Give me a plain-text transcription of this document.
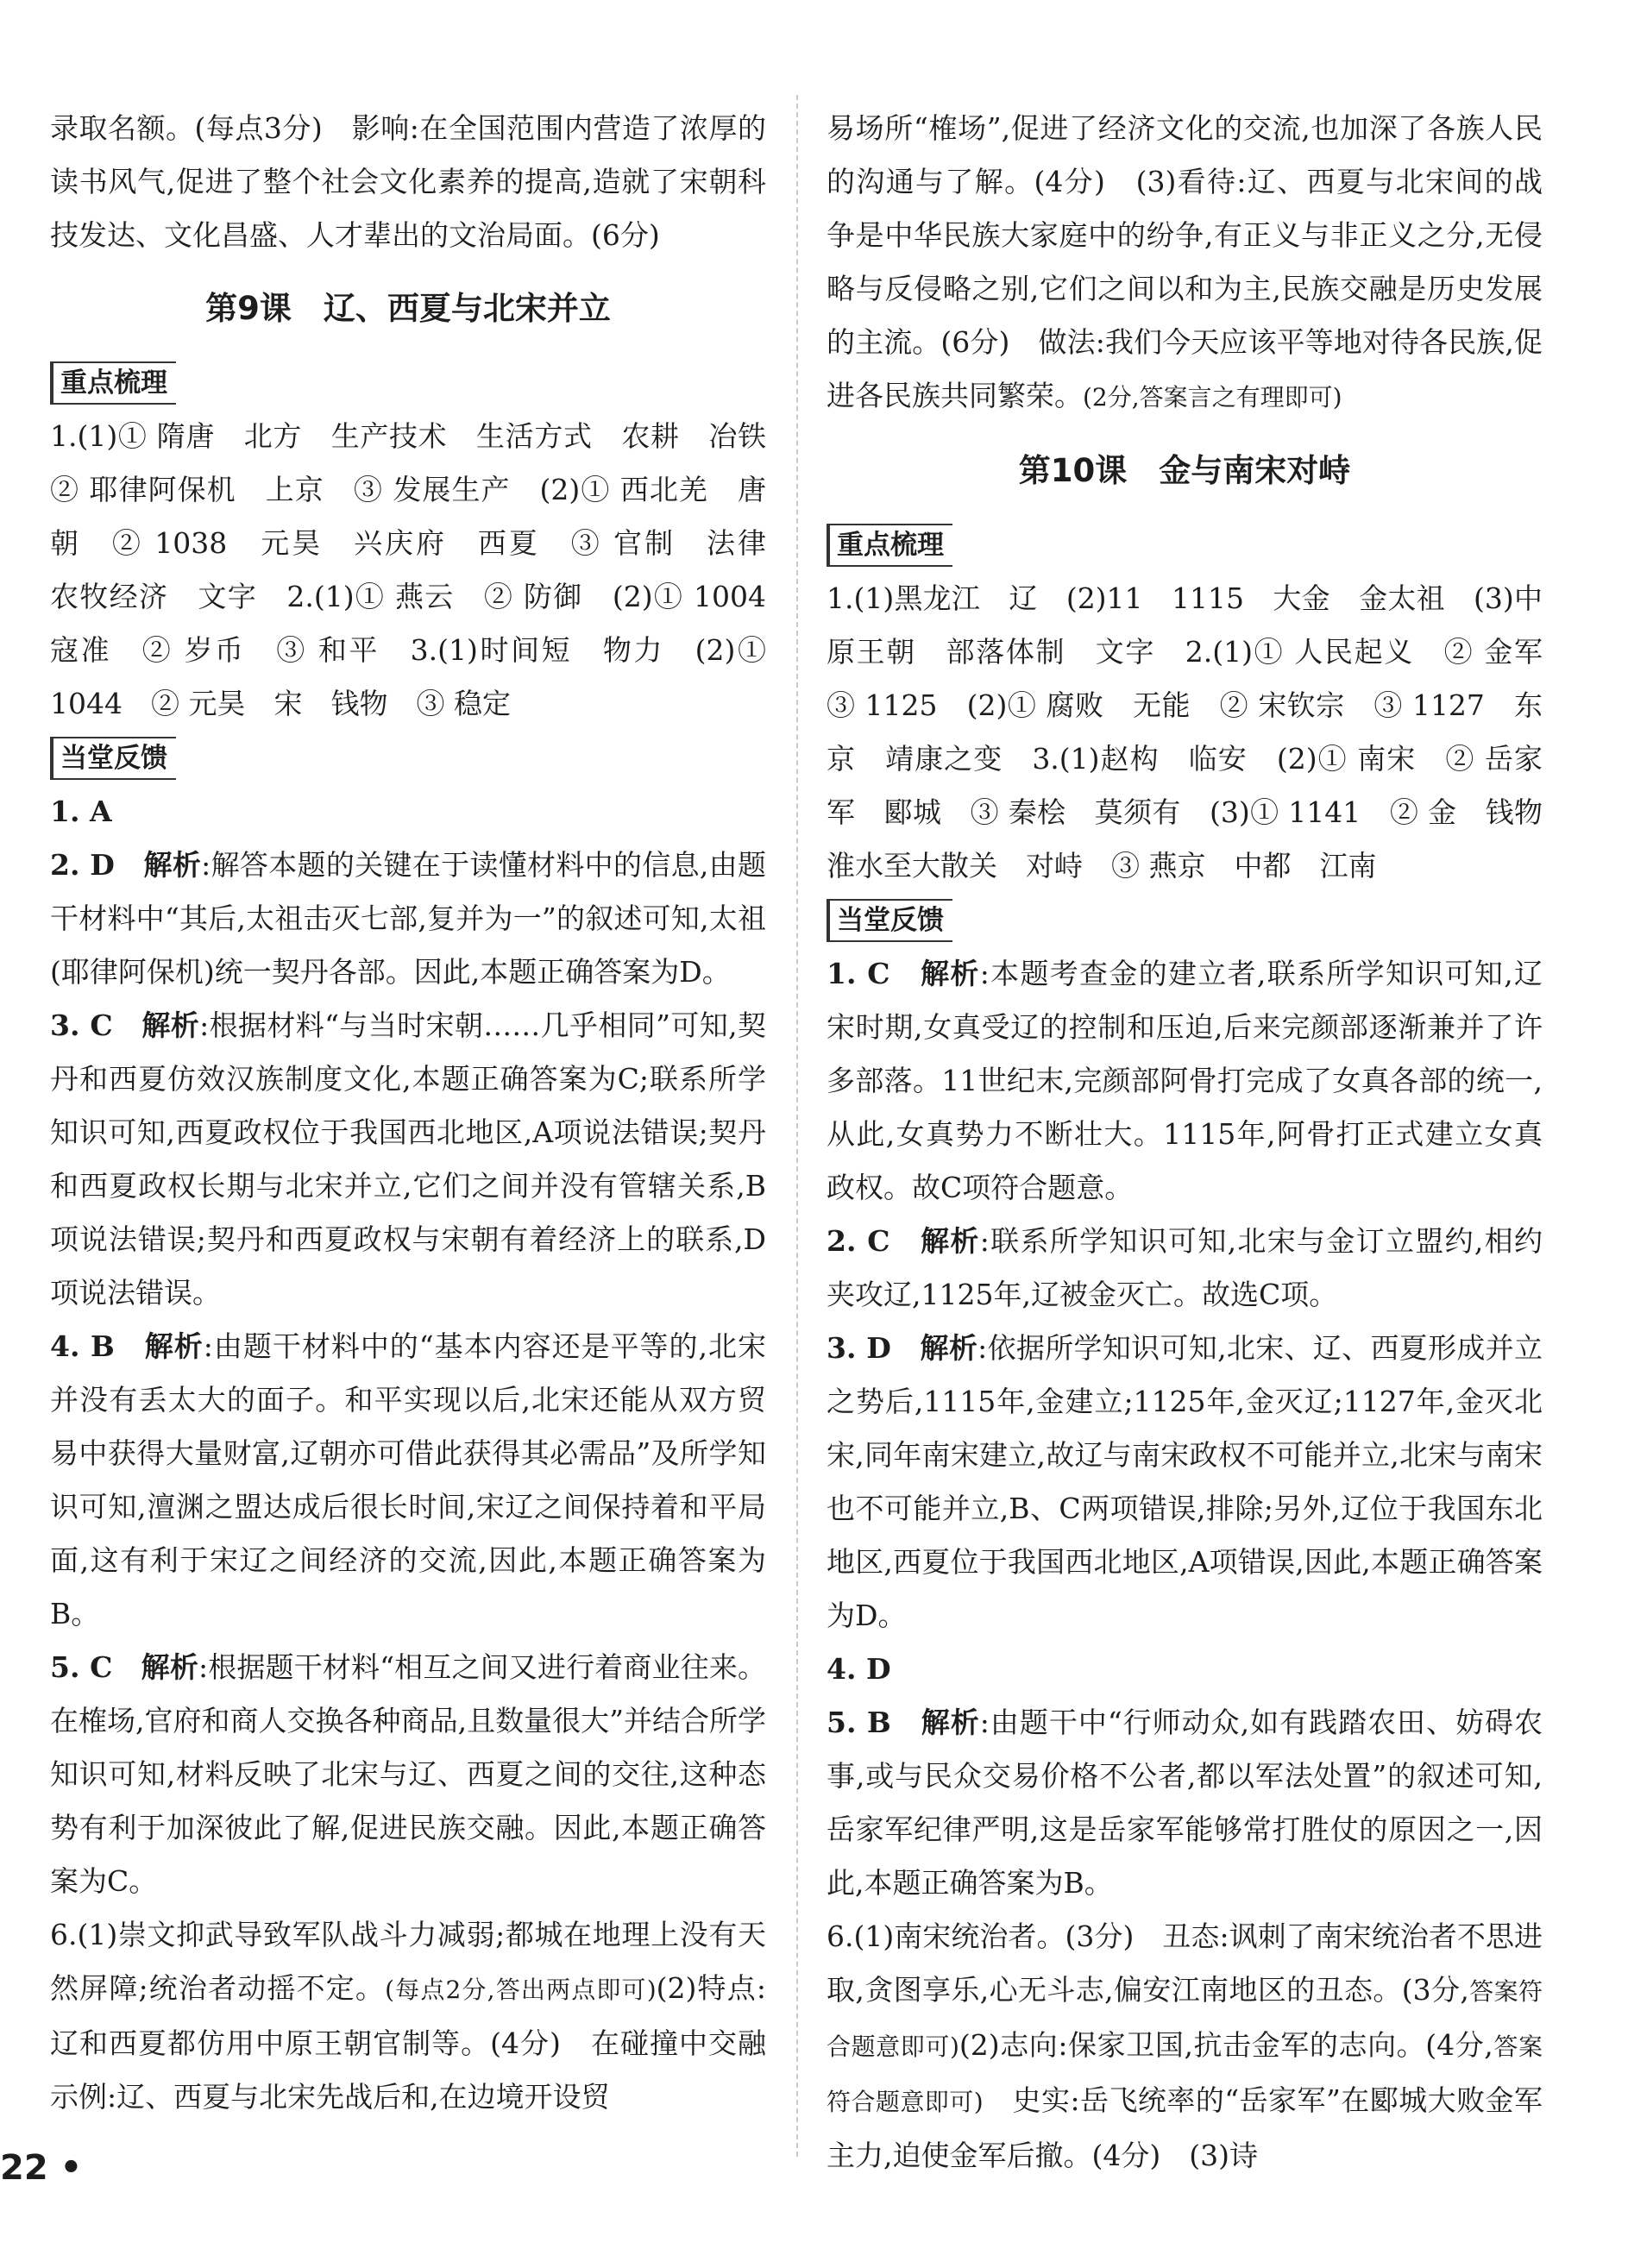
录取名额。(每点3分)　影响:在全国范围内营造了浓厚的读书风气,促进了整个社会文化素养的提高,造就了宋朝科技发达、文化昌盛、人才辈出的文治局面。(6分)

第9课　辽、西夏与北宋并立
重点梳理

1.(1)① 隋唐　北方　生产技术　生活方式　农耕　冶铁　② 耶律阿保机　上京　③ 发展生产　(2)① 西北羌　唐朝　② 1038　元昊　兴庆府　西夏　③ 官制　法律　农牧经济　文字　2.(1)① 燕云　② 防御　(2)① 1004　寇准　② 岁币　③ 和平　3.(1)时间短　物力　(2)① 1044　② 元昊　宋　钱物　③ 稳定

当堂反馈

1. A

2. D　解析:解答本题的关键在于读懂材料中的信息,由题干材料中“其后,太祖击灭七部,复并为一”的叙述可知,太祖(耶律阿保机)统一契丹各部。因此,本题正确答案为D。

3. C　解析:根据材料“与当时宋朝……几乎相同”可知,契丹和西夏仿效汉族制度文化,本题正确答案为C;联系所学知识可知,西夏政权位于我国西北地区,A项说法错误;契丹和西夏政权长期与北宋并立,它们之间并没有管辖关系,B项说法错误;契丹和西夏政权与宋朝有着经济上的联系,D项说法错误。

4. B　解析:由题干材料中的“基本内容还是平等的,北宋并没有丢太大的面子。和平实现以后,北宋还能从双方贸易中获得大量财富,辽朝亦可借此获得其必需品”及所学知识可知,澶渊之盟达成后很长时间,宋辽之间保持着和平局面,这有利于宋辽之间经济的交流,因此,本题正确答案为B。

5. C　解析:根据题干材料“相互之间又进行着商业往来。在榷场,官府和商人交换各种商品,且数量很大”并结合所学知识可知,材料反映了北宋与辽、西夏之间的交往,这种态势有利于加深彼此了解,促进民族交融。因此,本题正确答案为C。

6.(1)崇文抑武导致军队战斗力减弱;都城在地理上没有天然屏障;统治者动摇不定。(每点2分,答出两点即可)(2)特点:辽和西夏都仿用中原王朝官制等。(4分)　在碰撞中交融示例:辽、西夏与北宋先战后和,在边境开设贸

易场所“榷场”,促进了经济文化的交流,也加深了各族人民的沟通与了解。(4分)　(3)看待:辽、西夏与北宋间的战争是中华民族大家庭中的纷争,有正义与非正义之分,无侵略与反侵略之别,它们之间以和为主,民族交融是历史发展的主流。(6分)　做法:我们今天应该平等地对待各民族,促进各民族共同繁荣。(2分,答案言之有理即可)

第10课　金与南宋对峙
重点梳理

1.(1)黑龙江　辽　(2)11　1115　大金　金太祖　(3)中原王朝　部落体制　文字　2.(1)① 人民起义　② 金军　③ 1125　(2)① 腐败　无能　② 宋钦宗　③ 1127　东京　靖康之变　3.(1)赵构　临安　(2)① 南宋　② 岳家军　郾城　③ 秦桧　莫须有　(3)① 1141　② 金　钱物　淮水至大散关　对峙　③ 燕京　中都　江南

当堂反馈

1. C　解析:本题考查金的建立者,联系所学知识可知,辽宋时期,女真受辽的控制和压迫,后来完颜部逐渐兼并了许多部落。11世纪末,完颜部阿骨打完成了女真各部的统一,从此,女真势力不断壮大。1115年,阿骨打正式建立女真政权。故C项符合题意。

2. C　解析:联系所学知识可知,北宋与金订立盟约,相约夹攻辽,1125年,辽被金灭亡。故选C项。

3. D　解析:依据所学知识可知,北宋、辽、西夏形成并立之势后,1115年,金建立;1125年,金灭辽;1127年,金灭北宋,同年南宋建立,故辽与南宋政权不可能并立,北宋与南宋也不可能并立,B、C两项错误,排除;另外,辽位于我国东北地区,西夏位于我国西北地区,A项错误,因此,本题正确答案为D。

4. D

5. B　解析:由题干中“行师动众,如有践踏农田、妨碍农事,或与民众交易价格不公者,都以军法处置”的叙述可知,岳家军纪律严明,这是岳家军能够常打胜仗的原因之一,因此,本题正确答案为B。

6.(1)南宋统治者。(3分)　丑态:讽刺了南宋统治者不思进取,贪图享乐,心无斗志,偏安江南地区的丑态。(3分,答案符合题意即可)(2)志向:保家卫国,抗击金军的志向。(4分,答案符合题意即可)　史实:岳飞统率的“岳家军”在郾城大败金军主力,迫使金军后撤。(4分)　(3)诗

22 •
